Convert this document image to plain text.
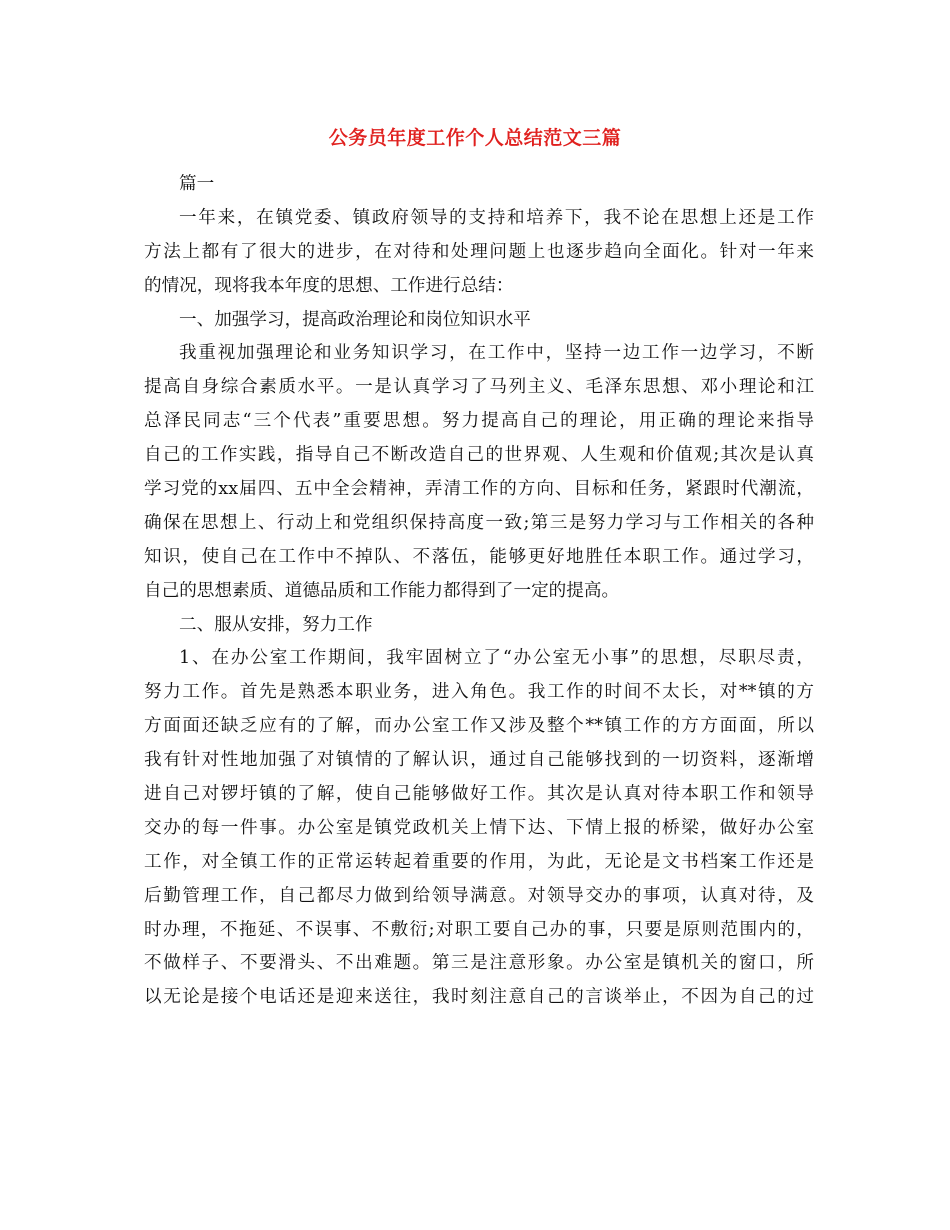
公务员年度工作个人总结范文三篇

篇一

一年来，在镇党委、镇政府领导的支持和培养下，我不论在思想上还是工作

方法上都有了很大的进步，在对待和处理问题上也逐步趋向全面化。针对一年来

的情况，现将我本年度的思想、工作进行总结：

一、加强学习，提高政治理论和岗位知识水平

我重视加强理论和业务知识学习，在工作中，坚持一边工作一边学习，不断

提高自身综合素质水平。一是认真学习了马列主义、毛泽东思想、邓小理论和江

总泽民同志“三个代表”重要思想。努力提高自己的理论，用正确的理论来指导

自己的工作实践，指导自己不断改造自己的世界观、人生观和价值观;其次是认真

学习党的xx届四、五中全会精神，弄清工作的方向、目标和任务，紧跟时代潮流，

确保在思想上、行动上和党组织保持高度一致;第三是努力学习与工作相关的各种

知识，使自己在工作中不掉队、不落伍，能够更好地胜任本职工作。通过学习，

自己的思想素质、道德品质和工作能力都得到了一定的提高。

二、服从安排，努力工作

1、在办公室工作期间，我牢固树立了“办公室无小事”的思想，尽职尽责，

努力工作。首先是熟悉本职业务，进入角色。我工作的时间不太长，对**镇的方

方面面还缺乏应有的了解，而办公室工作又涉及整个**镇工作的方方面面，所以

我有针对性地加强了对镇情的了解认识，通过自己能够找到的一切资料，逐渐增

进自己对锣圩镇的了解，使自己能够做好工作。其次是认真对待本职工作和领导

交办的每一件事。办公室是镇党政机关上情下达、下情上报的桥梁，做好办公室

工作，对全镇工作的正常运转起着重要的作用，为此，无论是文书档案工作还是

后勤管理工作，自己都尽力做到给领导满意。对领导交办的事项，认真对待，及

时办理，不拖延、不误事、不敷衍;对职工要自己办的事，只要是原则范围内的，

不做样子、不要滑头、不出难题。第三是注意形象。办公室是镇机关的窗口，所

以无论是接个电话还是迎来送往，我时刻注意自己的言谈举止，不因为自己的过
